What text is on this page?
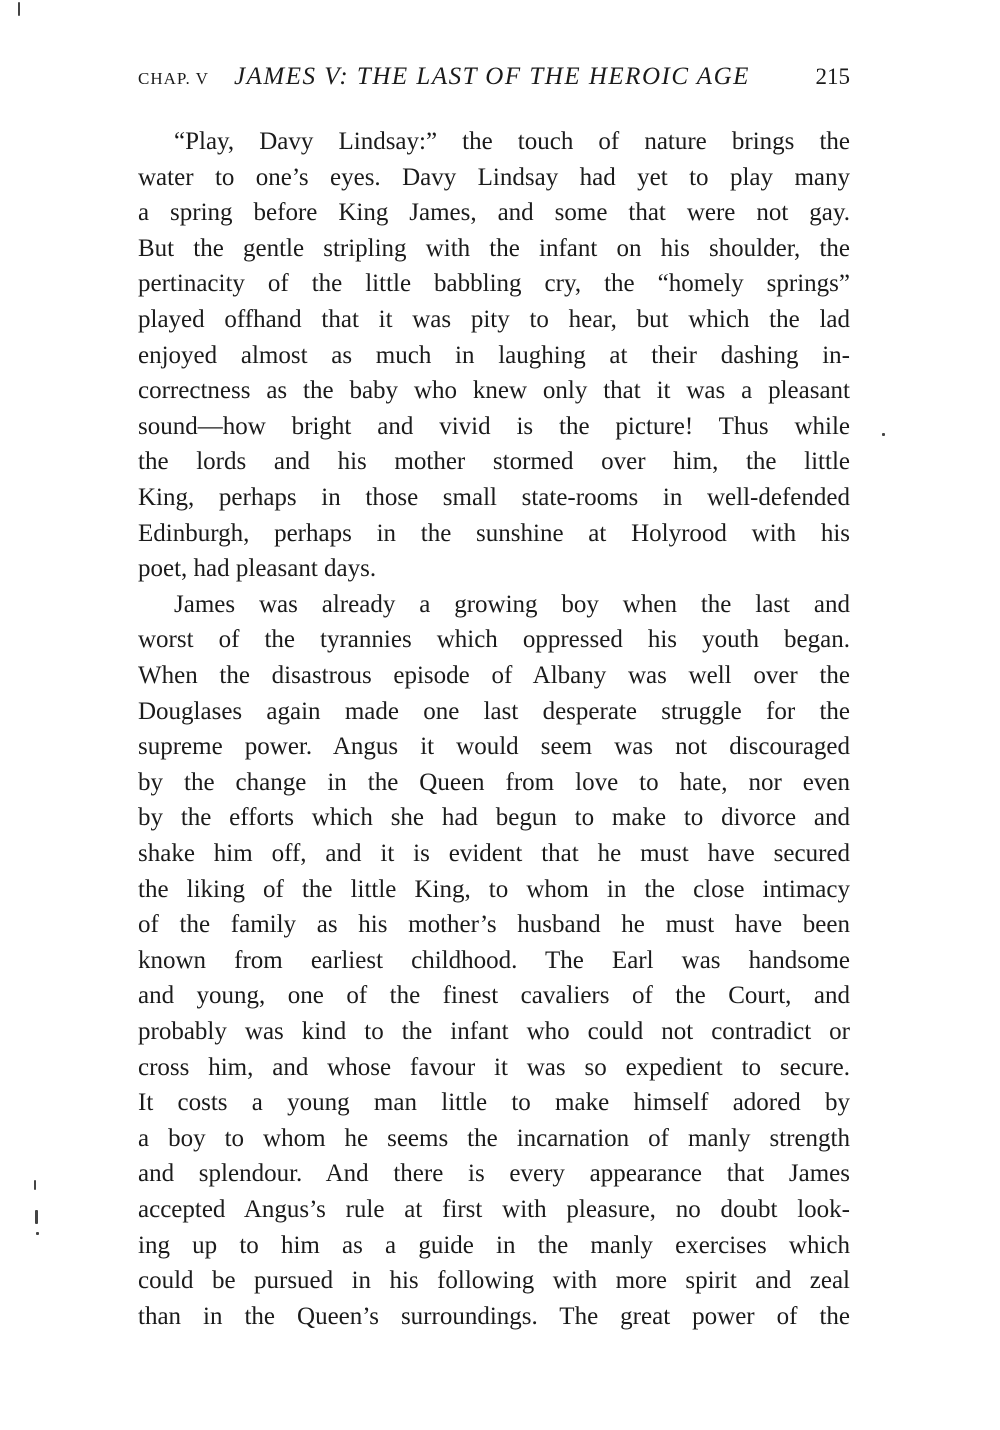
CHAP. V JAMES V: THE LAST OF THE HEROIC AGE	215
“Play, Davy Lindsay:” the touch of nature brings the
water to one’s eyes. Davy Lindsay had yet to play many
a spring before King James, and some that were not gay.
But the gentle stripling with the infant on his shoulder, the
pertinacity of the little babbling cry, the “homely springs”
played offhand that it was pity to hear, but which the lad
enjoyed almost as much in laughing at their dashing in-
correctness as the baby who knew only that it was a pleasant
sound—how bright and vivid is the picture! Thus while
the lords and his mother stormed over him, the little
King, perhaps in those small state-rooms in well-defended
Edinburgh, perhaps in the sunshine at Holyrood with his
poet, had pleasant days.
James was already a growing boy when the last and
worst of the tyrannies which oppressed his youth began.
When the disastrous episode of Albany was well over the
Douglases again made one last desperate struggle for the
supreme power. Angus it would seem was not discouraged
by the change in the Queen from love to hate, nor even
by the efforts which she had begun to make to divorce and
shake him off, and it is evident that he must have secured
the liking of the little King, to whom in the close intimacy
of the family as his mother’s husband he must have been
known from earliest childhood. The Earl was handsome
and young, one of the finest cavaliers of the Court, and
probably was kind to the infant who could not contradict or
cross him, and whose favour it was so expedient to secure.
It costs a young man little to make himself adored by
a boy to whom he seems the incarnation of manly strength
and splendour. And there is every appearance that James
accepted Angus’s rule at first with pleasure, no doubt look-
ing up to him as a guide in the manly exercises which
could be pursued in his following with more spirit and zeal
than in the Queen’s surroundings. The great power of the
